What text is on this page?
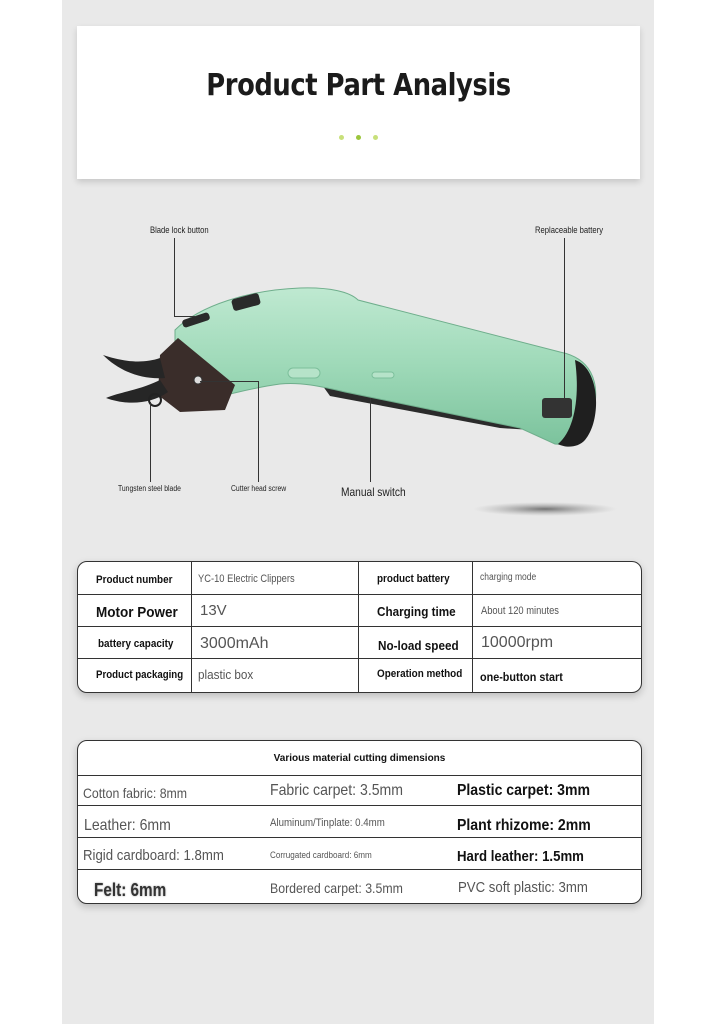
Product Part Analysis

Blade lock button	Replaceable battery
Tungsten steel blade	Cutter head screw	Manual switch
Product number YC-10 Electric Clippers	product battery	charging mode
Motor Power 13V	Charging time About 120 minutes
battery capacity 3000mAh	No-load speed 10000rpm
Product packaging plastic box	Operation method one-button start
Various material cutting dimensions
Cotton fabric: 8mm	Fabric carpet: 3.5mm	Plastic carpet: 3mm
Leather: 6mm	Aluminum/Tinplate: 0.4mm	Plant rhizome: 2mm
Rigid cardboard: 1.8mm	Corrugated cardboard: 6mm	Hard leather: 1.5mm
Felt: 6mm	Bordered carpet: 3.5mm	PVC soft plastic: 3mm
